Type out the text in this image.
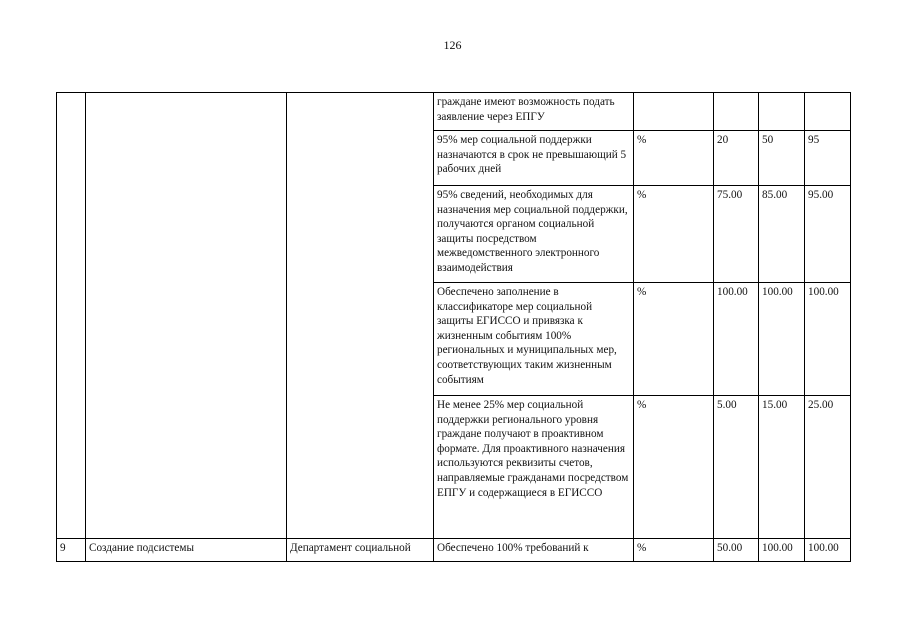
126
			граждане имеют возможность подать заявление через ЕПГУ				
			95% мер социальной поддержки назначаются в срок не превышающий 5 рабочих дней	%	20	50	95
			95% сведений, необходимых для назначения мер социальной поддержки, получаются органом социальной защиты посредством межведомственного электронного взаимодействия	%	75.00	85.00	95.00
			Обеспечено заполнение в классификаторе мер социальной защиты ЕГИССО и привязка к жизненным событиям 100% региональных и муниципальных мер, соответствующих таким жизненным событиям	%	100.00	100.00	100.00
			Не менее 25% мер социальной поддержки регионального уровня граждане получают в проактивном формате. Для проактивного назначения используются реквизиты счетов, направляемые гражданами посредством ЕПГУ и содержащиеся в ЕГИССО	%	5.00	15.00	25.00
9	Создание подсистемы	Департамент социальной	Обеспечено 100% требований к	%	50.00	100.00	100.00
